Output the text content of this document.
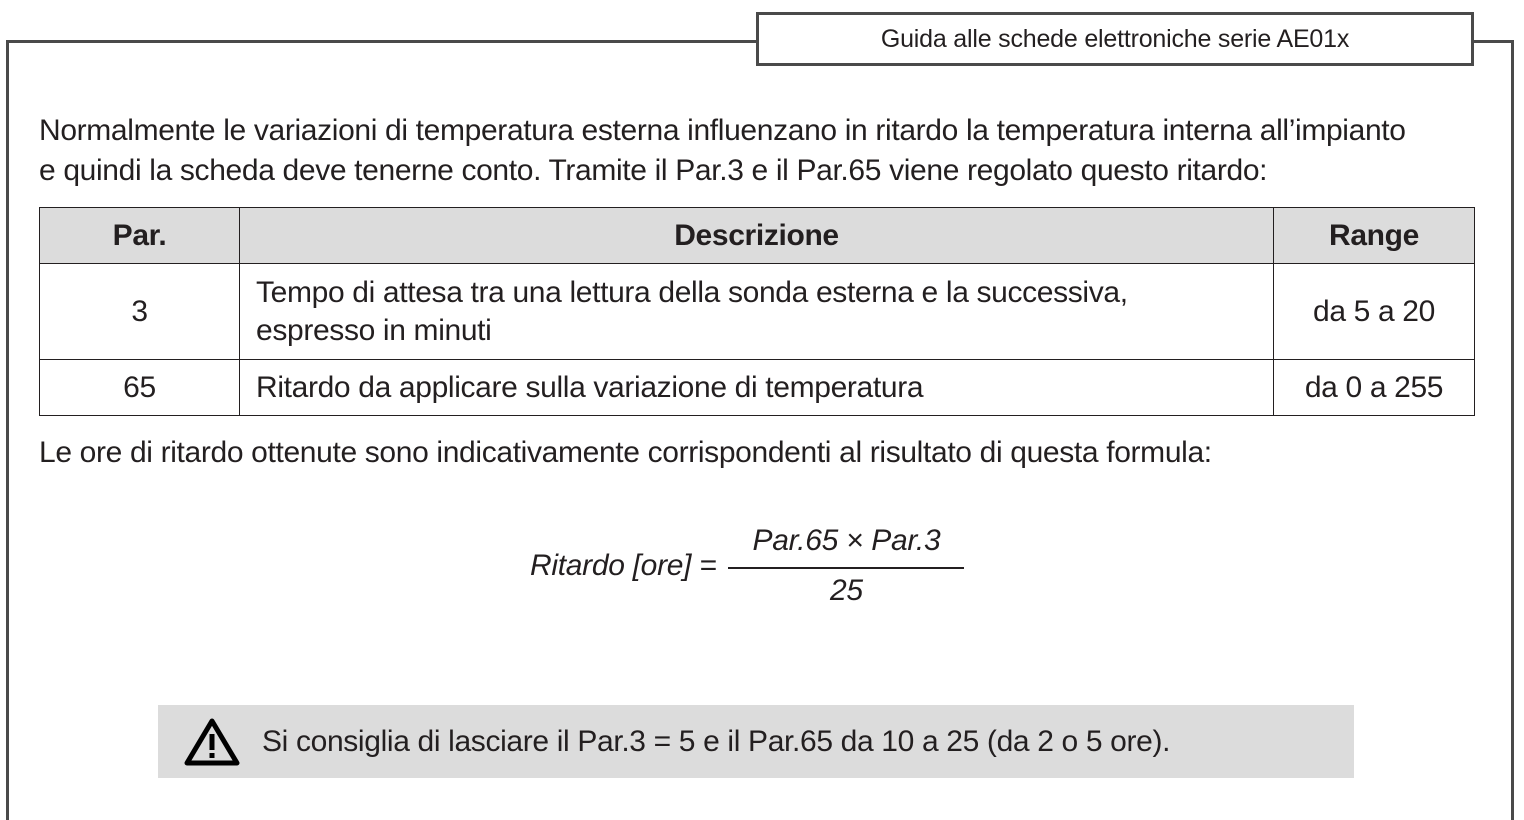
Guida alle schede elettroniche serie AE01x

Normalmente le variazioni di temperatura esterna influenzano in ritardo la temperatura interna all’impianto

e quindi la scheda deve tenerne conto. Tramite il Par.3 e il Par.65 viene regolato questo ritardo:

Par.	Descrizione	Range
3	Tempo di attesa tra una lettura della sonda esterna e la successiva,
espresso in minuti	da 5 a 20
65	Ritardo da applicare sulla variazione di temperatura	da 0 a 255
Le ore di ritardo ottenute sono indicativamente corrispondenti al risultato di questa formula:
Ritardo $[ore] = \frac{\text{Par.65 × Par.3}}{25}$
Si consiglia di lasciare il Par.3 = 5 e il Par.65 da 10 a 25 (da 2 o 5 ore).
